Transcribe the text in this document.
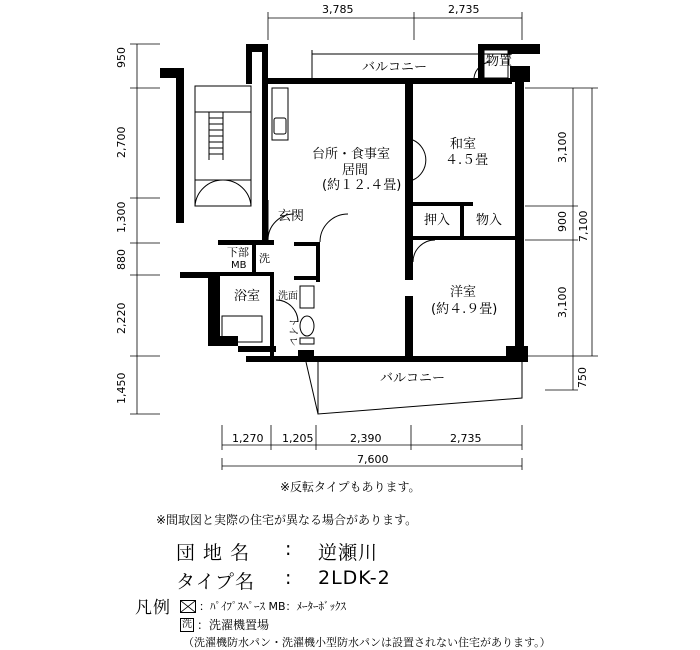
3,785	2,735
950
2,700
1,300
880
2,220
1,450
3,100
900
3,100
750
7,100
1,270 1,205	2,390	2,735
7,600
バルコニー	物置
台所・食事室
居間
(約１２.４畳)
和室
４.５畳
押入 物入
玄関
下部
MB
洗
浴室 洗面
トイレ
洋室
(約４.９畳)
バルコニー
※反転タイプもあります。
※間取図と実際の住宅が異なる場合があります。
団 地 名 : 逆瀬川
タイプ名 : 2LDK-2
凡例	：ﾊﾟｲﾌﾟｽﾍﾟｰｽ MB：ﾒｰﾀｰﾎﾞｯｸｽ
洗 ：洗濯機置場
（洗濯機防水パン・洗濯機小型防水パンは設置されない住宅があります。）
